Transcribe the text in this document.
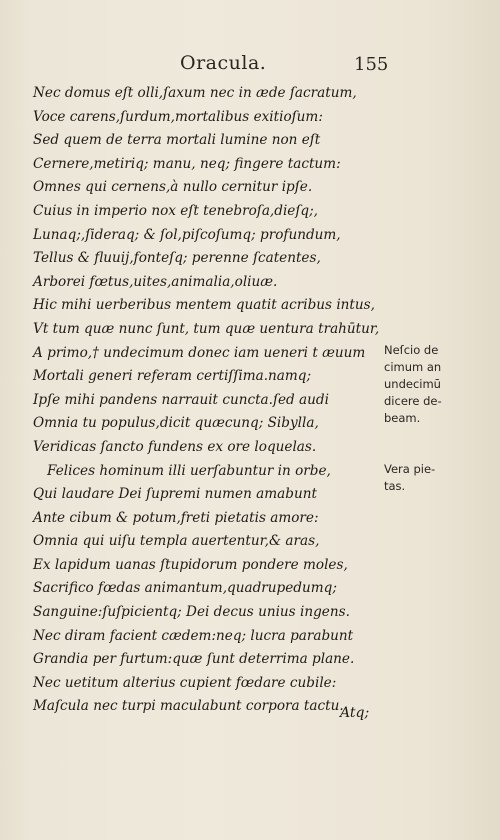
Oracula.	155
Nec domus eſt olli,ſaxum nec in æde ſacratum,
Voce carens,ſurdum,mortalibus exitioſum:
Sed quem de terra mortali lumine non eſt
Cernere,metiriq; manu, neq; fingere tactum:
Omnes qui cernens,à nullo cernitur ipſe.
Cuius in imperio nox eſt tenebroſa,dieſq;,
Lunaq;,ſideraq; & ſol,piſcoſumq; profundum,
Tellus & fluuij,fonteſq; perenne ſcatentes,
Arborei fœtus,uites,animalia,oliuæ.
Hic mihi uerberibus mentem quatit acribus intus,
Vt tum quæ nunc ſunt, tum quæ uentura trahūtur,
A primo,† undecimum donec iam ueneri t æuum
Mortali generi referam certiſſima.namq;
Ipſe mihi pandens narrauit cuncta.ſed audi
Omnia tu populus,dicit quæcunq; Sibylla,
Veridicas ſancto fundens ex ore loquelas.
Felices hominum illi uerſabuntur in orbe,
Qui laudare Dei ſupremi numen amabunt
Ante cibum & potum,freti pietatis amore:
Omnia qui uiſu templa auertentur,& aras,
Ex lapidum uanas ſtupidorum pondere moles,
Sacrifico fœdas animantum,quadrupedumq;
Sanguine:ſuſpicientq; Dei decus unius ingens.
Nec diram facient cædem:neq; lucra parabunt
Grandia per furtum:quæ ſunt deterrima plane.
Nec uetitum alterius cupient fœdare cubile:
Maſcula nec turpi maculabunt corpora tactu.
Atq;
Neſcio de
cimum an
undecimū
dicere de-
beam.
Vera pie-
tas.
